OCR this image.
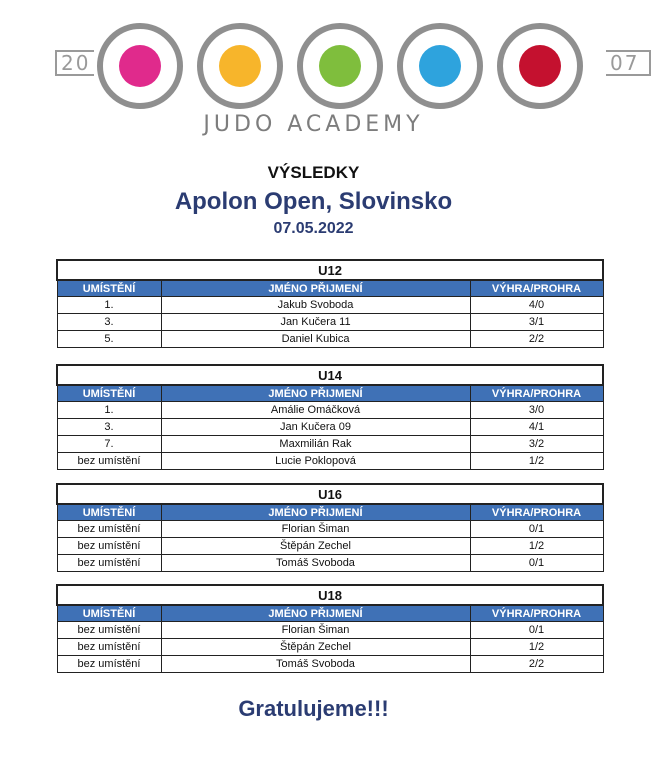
20	07
JUDO ACADEMY
VÝSLEDKY
Apolon Open, Slovinsko
07.05.2022
U12		
UMÍSTĚNÍ	JMÉNO PŘIJMENÍ	VÝHRA/PROHRA
1.	Jakub Svoboda	4/0
3.	Jan Kučera 11	3/1
5.	Daniel Kubica	2/2
U14		
UMÍSTĚNÍ	JMÉNO PŘIJMENÍ	VÝHRA/PROHRA
1.	Amálie Omáčková	3/0
3.	Jan Kučera 09	4/1
7.	Maxmilián Rak	3/2
bez umístění	Lucie Poklopová	1/2
U16		
UMÍSTĚNÍ	JMÉNO PŘIJMENÍ	VÝHRA/PROHRA
bez umístění	Florian Šiman	0/1
bez umístění	Štěpán Zechel	1/2
bez umístění	Tomáš Svoboda	0/1
U18		
UMÍSTĚNÍ	JMÉNO PŘIJMENÍ	VÝHRA/PROHRA
bez umístění	Florian Šiman	0/1
bez umístění	Štěpán Zechel	1/2
bez umístění	Tomáš Svoboda	2/2
Gratulujeme!!!
